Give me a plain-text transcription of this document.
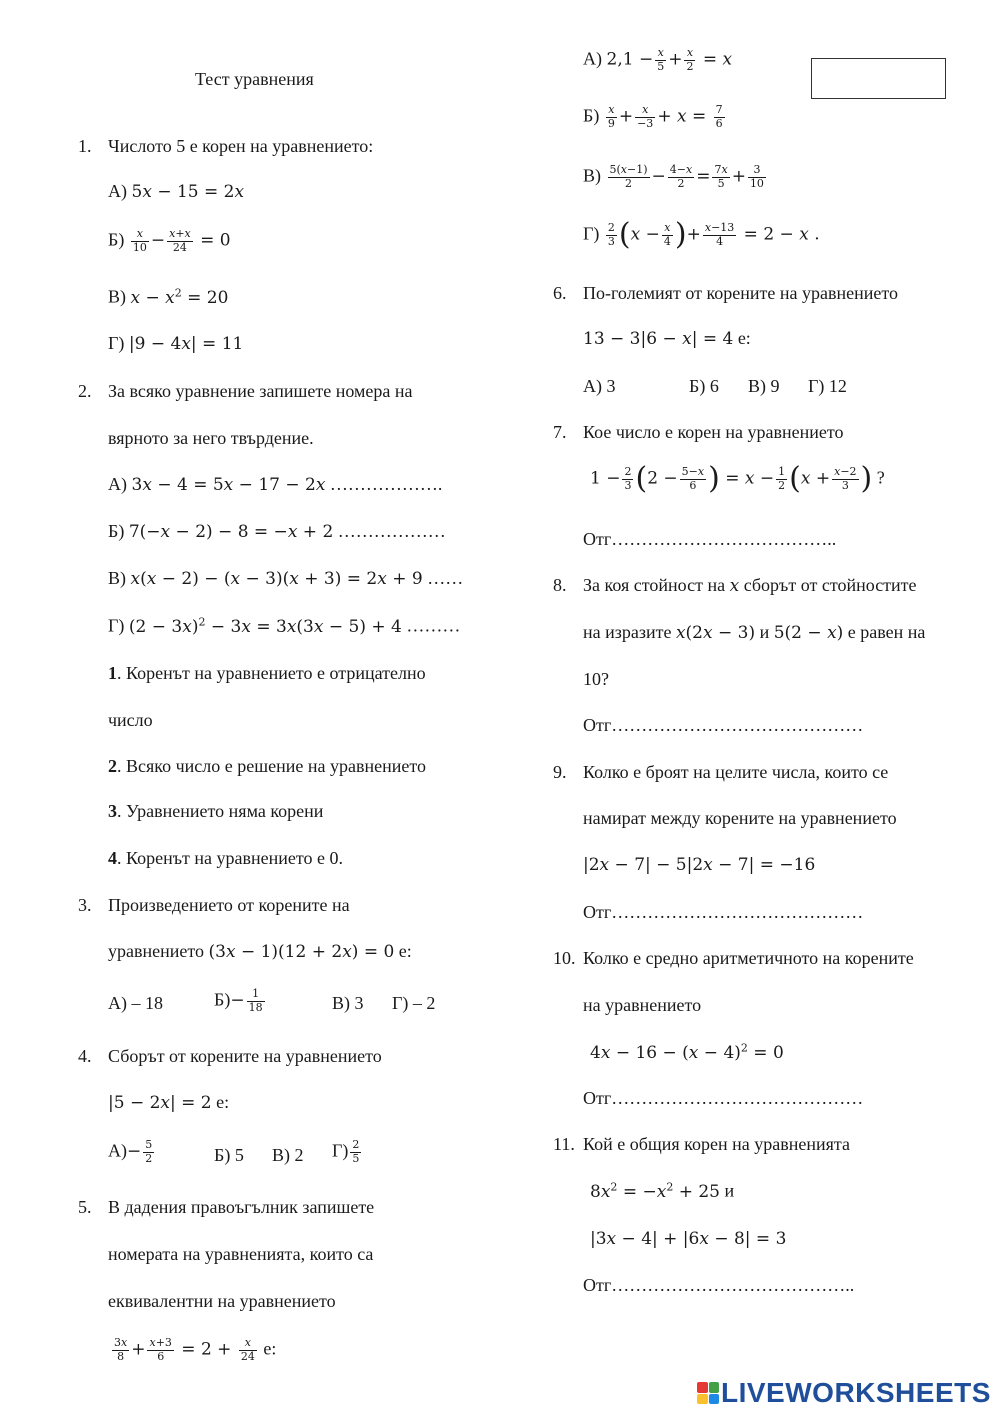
Тест уравнения
1. Числото 5 е корен на уравнението:
А) 5x − 15 = 2x
$Б) \frac{x}{10} - \frac{x+x}{24} = 0$
В) $x - x^2 = 20$
Г) |9 − 4x| = 11
2. За всяко уравнение запишете номера на
вярното за него твърдение.
А) 3x − 4 = 5x − 17 − 2x ……………….
Б) 7(−x − 2) − 8 = −x + 2 ………………
В) x(x − 2) − (x − 3)(x + 3) = 2x + 9 ……
Г) $(2 - 3x)^2 - 3x = 3x(3x - 5) + 4$ ………
1. Коренът на уравнението е отрицателно
число
2. Всяко число е решение на уравнението
3. Уравнението няма корени
4. Коренът на уравнението е 0.
3. Произведението от корените на
уравнението (3x − 1)(12 + 2x) = 0 е:
А) – 18	$Б)- \frac{1}{18}$	В) 3 Г) – 2
4. Сборът от корените на уравнението
|5 − 2x| = 2 е:
$А)- \frac{5}{2}$	Б) 5 В) 2 $Г) \frac{2}{5}$
5. В дадения правоъгълник запишете
номерата на уравненията, които са
еквивалентни на уравнението
$\frac{3x}{8} + \frac{x+3}{6} = 2 + \frac{x}{24} е$:
А) $2,1 - \frac{x}{5} + \frac{x}{2} = x$
$Б) \frac{x}{9} + \frac{x}{-3} + x = \frac{7}{6}$
$В) \frac{5(x-1)}{2} - \frac{4-x}{2} = \frac{7x}{5} + \frac{3}{10}$
$Г) \frac{2}{3} (x - \frac{x}{4}$ )+ $\frac{x-13}{4} = 2 - x$ .
6. По-големият от корените на уравнението
13 − 3|6 − x| = 4 е:
А) 3	Б) 6 В) 9 Г) 12
7. Кое число е корен на уравнението
$1 - \frac{2}{3} (2 - \frac{5-x}{6}$ ) = $x - \frac{1}{2} (x + \frac{x-2}{3}$ ) ?
Отг………………………………..
8. За коя стойност на x сборът от стойностите
на изразите x(2x − 3) и 5(2 − x) е равен на
10?
Отг……………………………………
9. Колко е броят на целите числа, които се
намират между корените на уравнението
|2x − 7| − 5|2x − 7| = −16
Отг……………………………………
10. Колко е средно аритметичното на корените
на уравнението
$4x - 16 - (x - 4)^2 = 0$
Отг……………………………………
11. Кой е общия корен на уравненията
$8x^2 = -x^2 + 25$ и
|3x − 4| + |6x − 8| = 3
Отг…………………………………..
LIVEWORKSHEETS
